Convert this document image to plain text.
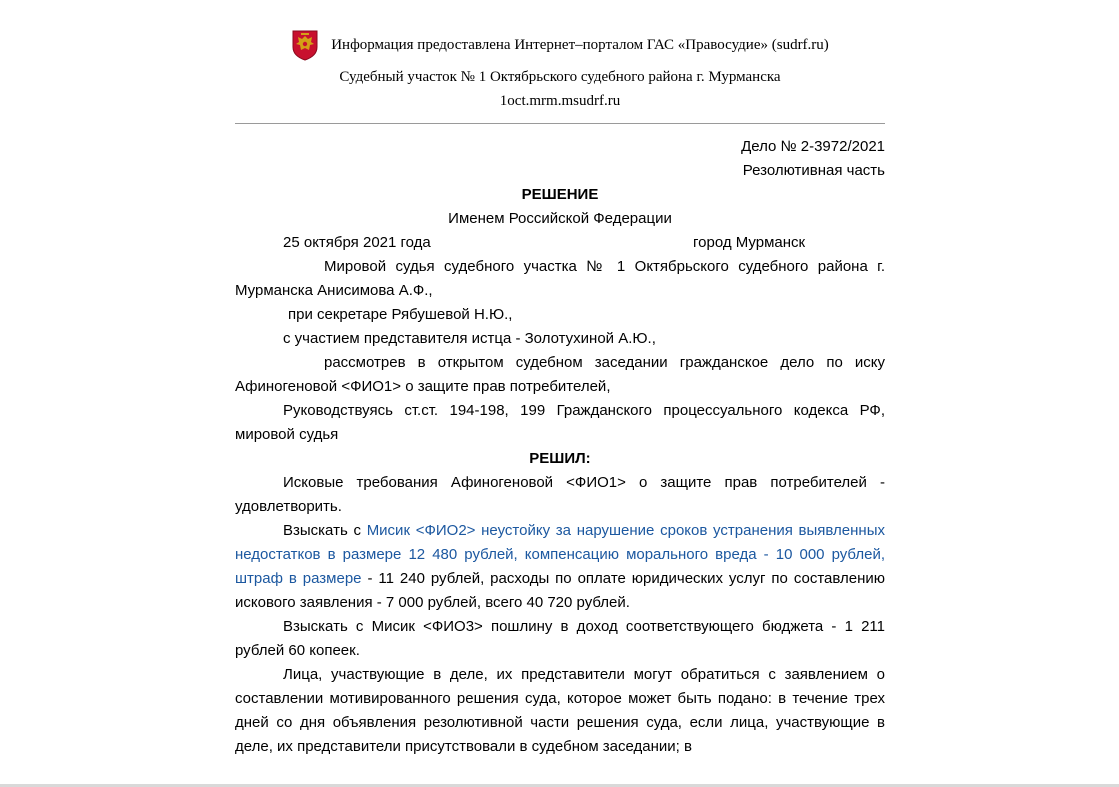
Информация предоставлена Интернет–порталом ГАС «Правосудие» (sudrf.ru)
Судебный участок № 1 Октябрьского судебного района г. Мурманска
1oct.mrm.msudrf.ru

Дело № 2-3972/2021

Резолютивная часть

РЕШЕНИЕ

Именем Российской Федерации

25 октября 2021 года	город Мурманск

Мировой судья судебного участка № 1 Октябрьского судебного района г. Мурманска Анисимова А.Ф.,

при секретаре Рябушевой Н.Ю.,

с участием представителя истца - Золотухиной А.Ю.,

рассмотрев в открытом судебном заседании гражданское дело по иску Афиногеновой <ФИО1> о защите прав потребителей,

Руководствуясь ст.ст. 194-198, 199 Гражданского процессуального кодекса РФ, мировой судья

РЕШИЛ:

Исковые требования Афиногеновой <ФИО1> о защите прав потребителей - удовлетворить.

Взыскать с Мисик <ФИО2> неустойку за нарушение сроков устранения выявленных недостатков в размере 12 480 рублей, компенсацию морального вреда - 10 000 рублей, штраф в размере - 11 240 рублей, расходы по оплате юридических услуг по составлению искового заявления - 7 000 рублей, всего 40 720 рублей.

Взыскать с Мисик <ФИО3> пошлину в доход соответствующего бюджета - 1 211 рублей 60 копеек.

Лица, участвующие в деле, их представители могут обратиться с заявлением о составлении мотивированного решения суда, которое может быть подано: в течение трех дней со дня объявления резолютивной части решения суда, если лица, участвующие в деле, их представители присутствовали в судебном заседании; в
